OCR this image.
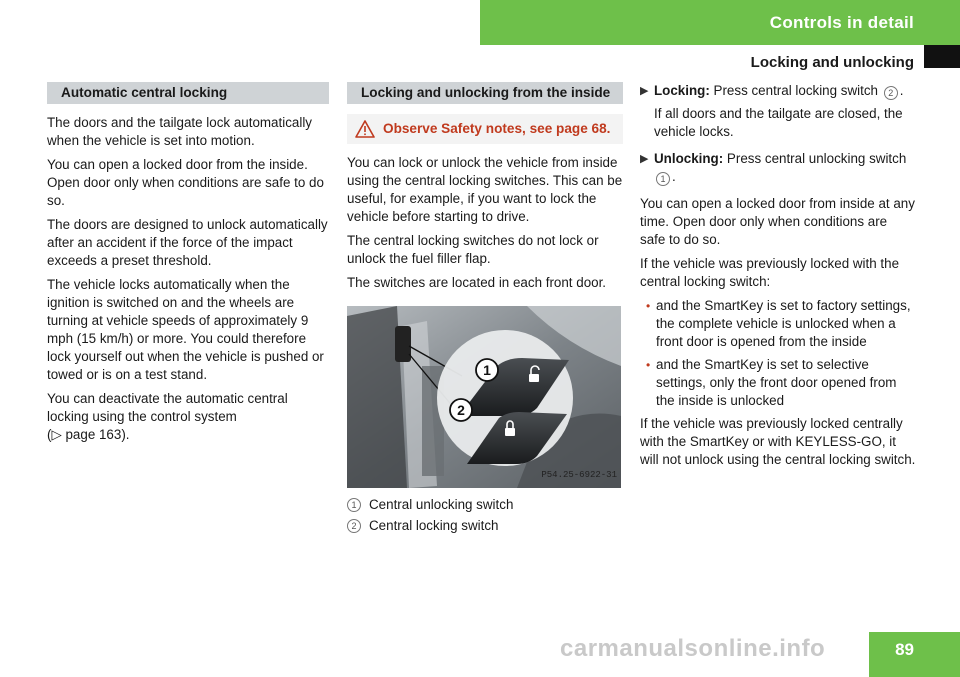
Controls in detail
Locking and unlocking
Automatic central locking

The doors and the tailgate lock automatically when the vehicle is set into motion.

You can open a locked door from the inside. Open door only when conditions are safe to do so.

The doors are designed to unlock automatically after an accident if the force of the impact exceeds a preset threshold.

The vehicle locks automatically when the ignition is switched on and the wheels are turning at vehicle speeds of approximately 9 mph (15 km/h) or more. You could therefore lock yourself out when the vehicle is pushed or towed or is on a test stand.

You can deactivate the automatic central locking using the control system
(▷ page 163).

Locking and unlocking from the inside
Observe Safety notes, see page 68.

You can lock or unlock the vehicle from inside using the central locking switches. This can be useful, for example, if you want to lock the vehicle before starting to drive.

The central locking switches do not lock or unlock the fuel filler flap.

The switches are located in each front door.

1
2
P54.25-6922-31
1 Central unlocking switch
2 Central locking switch
▶ Locking: Press central locking switch 2 .

If all doors and the tailgate are closed, the vehicle locks.

▶ Unlocking: Press central unlocking switch 1 .

You can open a locked door from inside at any time. Open door only when conditions are safe to do so.

If the vehicle was previously locked with the central locking switch:

• and the SmartKey is set to factory settings, the complete vehicle is unlocked when a front door is opened from the inside
• and the SmartKey is set to selective settings, only the front door opened from the inside is unlocked

If the vehicle was previously locked centrally with the SmartKey or with KEYLESS-GO, it will not unlock using the central locking switch.

carmanualsonline.info	89
